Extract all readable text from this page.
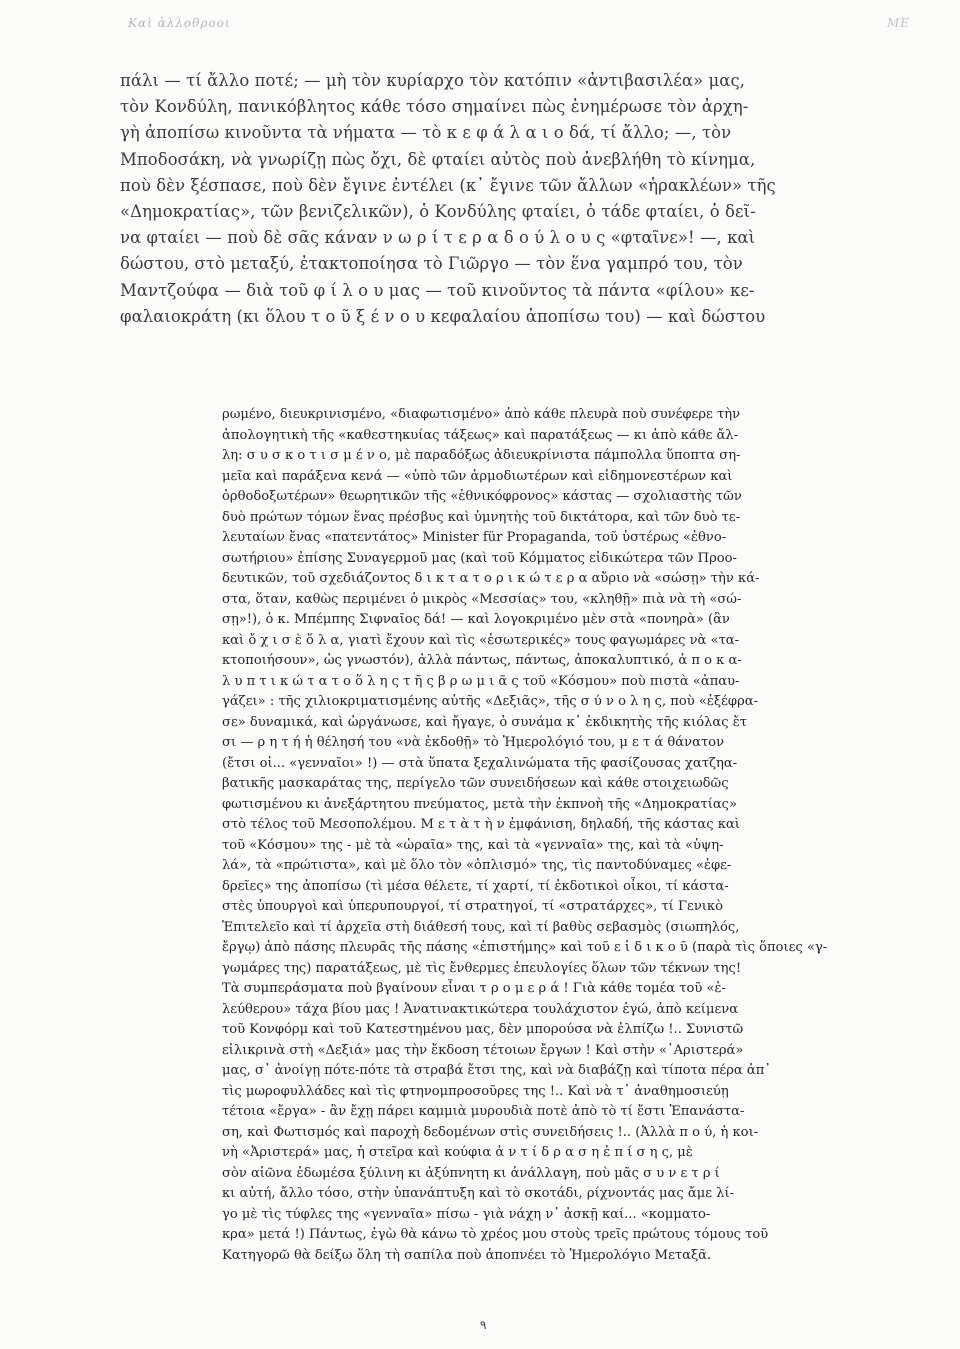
Καὶ ἀλλοθροοι	ΜΕ
πάλι — τί ἄλλο ποτέ; — μὴ τὸν κυρίαρχο τὸν κατόπιν «ἀντιβασιλέα» μας,
τὸν Κονδύλη, πανικόβλητος κάθε τόσο σημαίνει πὼς ἐνημέρωσε τὸν ἀρχη-
γὴ ἀποπίσω κινοῦντα τὰ νήματα — τὸ κ ε φ ά λ α ι ο δά, τί ἄλλο; —, τὸν
Μποδοσάκη, νὰ γνωρίζῃ πὼς ὄχι, δὲ φταίει αὐτὸς ποὺ ἀνεβλήθη τὸ κίνημα,
ποὺ δὲν ξέσπασε, ποὺ δὲν ἔγινε ἐντέλει (κ᾽ ἔγινε τῶν ἄλλων «ἡρακλέων» τῆς
«Δημοκρατίας», τῶν βενιζελικῶν), ὁ Κονδύλης φταίει, ὁ τάδε φταίει, ὁ δεῖ-
να φταίει — ποὺ δὲ σᾶς κάναν ν ω ρ ί τ ε ρ α δ ο ύ λ ο υ ς «φταῖνε»! —, καὶ
δώστου, στὸ μεταξύ, ἐτακτοποίησα τὸ Γιῶργο — τὸν ἕνα γαμπρό του, τὸν
Μαντζούφα — διὰ τοῦ φ ί λ ο υ μας — τοῦ κινοῦντος τὰ πάντα «φίλου» κε-
φαλαιοκράτη (κι ὅλου τ ο ῦ ξ έ ν ο υ κεφαλαίου ἀποπίσω του) — καὶ δώστου
ρωμένο, διευκρινισμένο, «διαφωτισμένο» ἀπὸ κάθε πλευρὰ ποὺ συνέφερε τὴν
ἀπολογητικὴ τῆς «καθεστηκυίας τάξεως» καὶ παρατάξεως — κι ἀπὸ κάθε ἄλ-
λη: σ υ σ κ ο τ ι σ μ έ ν ο, μὲ παραδόξως ἀδιευκρίνιστα πάμπολλα ὕποπτα ση-
μεῖα καὶ παράξενα κενά — «ὑπὸ τῶν ἁρμοδιωτέρων καὶ εἰδημονεστέρων καὶ
ὀρθοδοξωτέρων» θεωρητικῶν τῆς «ἐθνικόφρονος» κάστας — σχολιαστὴς τῶν
δυὸ πρώτων τόμων ἕνας πρέσβυς καὶ ὑμνητὴς τοῦ δικτάτορα, καὶ τῶν δυὸ τε-
λευταίων ἕνας «πατεντάτος» Minister für Propaganda, τοῦ ὑστέρως «ἐθνο-
σωτήριου» ἐπίσης Συναγερμοῦ μας (καὶ τοῦ Κόμματος εἰδικώτερα τῶν Προο-
δευτικῶν, τοῦ σχεδιάζοντος δ ι κ τ α τ ο ρ ι κ ώ τ ε ρ α αὔριο νὰ «σώσῃ» τὴν κά-
στα, ὅταν, καθὼς περιμένει ὁ μικρὸς «Μεσσίας» του, «κληθῇ» πιὰ νὰ τὴ «σώ-
σῃ»!), ὁ κ. Μπέμπης Σιφναῖος δά! — καὶ λογοκριμένο μὲν στὰ «πονηρὰ» (ἂν
καὶ ὄ χ ι σ ὲ ὅ λ α, γιατὶ ἔχουν καὶ τὶς «ἐσωτερικές» τους φαγωμάρες νὰ «τα-
κτοποιήσουν», ὡς γνωστόν), ἀλλὰ πάντως, πάντως, ἀποκαλυπτικό, ἀ π ο κ α-
λ υ π τ ι κ ώ τ α τ ο ὅ λ η ς τ ῆ ς β ρ ω μ ι ᾶ ς τοῦ «Κόσμου» ποὺ πιστὰ «ἀπαυ-
γάζει» : τῆς χιλιοκριματισμένης αὐτῆς «Δεξιᾶς», τῆς σ ύ ν ο λ η ς, ποὺ «ἐξέφρα-
σε» δυναμικά, καὶ ὠργάνωσε, καὶ ἤγαγε, ὁ συνάμα κ᾽ ἐκδικητὴς τῆς κιόλας ἔτ
σι — ρ η τ ή ἡ θέλησή του «νὰ ἐκδοθῇ» τὸ Ἡμερολόγιό του, μ ε τ ά θάνατον
(ἔτσι οἱ... «γενναῖοι» !) — στὰ ὕπατα ξεχαλινώματα τῆς φασίζουσας χατζηα-
βατικῆς μασκαράτας της, περίγελο τῶν συνειδήσεων καὶ κάθε στοιχειωδῶς
φωτισμένου κι ἀνεξάρτητου πνεύματος, μετὰ τὴν ἐκπνοὴ τῆς «Δημοκρατίας»
στὸ τέλος τοῦ Μεσοπολέμου. Μ ε τ ὰ τ ὴ ν ἐμφάνιση, δηλαδή, τῆς κάστας καὶ
τοῦ «Κόσμου» της - μὲ τὰ «ὡραῖα» της, καὶ τὰ «γενναῖα» της, καὶ τὰ «ὑψη-
λά», τὰ «πρώτιστα», καὶ μὲ ὅλο τὸν «ὁπλισμό» της, τὶς παντοδύναμες «ἐφε-
δρεῖες» της ἀποπίσω (τὶ μέσα θέλετε, τί χαρτί, τί ἐκδοτικοὶ οἶκοι, τί κάστα-
στὲς ὑπουργοὶ καὶ ὑπερυπουργοί, τί στρατηγοί, τί «στρατάρχες», τί Γενικὸ
Ἐπιτελεῖο καὶ τί ἀρχεῖα στὴ διάθεσή τους, καὶ τί βαθὺς σεβασμὸς (σιωπηλός,
ἔργῳ) ἀπὸ πάσης πλευρᾶς τῆς πάσης «ἐπιστήμης» καὶ τοῦ ε ἰ δ ι κ ο ῦ (παρὰ τὶς ὅποιες «γ-
γωμάρες της) παρατάξεως, μὲ τὶς ἔνθερμες ἐπευλογίες ὅλων τῶν τέκνων της!
Τὰ συμπεράσματα ποὺ βγαίνουν εἶναι τ ρ ο μ ε ρ ά ! Γιὰ κάθε τομέα τοῦ «ἐ-
λεύθερου» τάχα βίου μας ! Ἀνατινακτικώτερα τουλάχιστον ἐγώ, ἀπὸ κείμενα
τοῦ Κονφόρμ καὶ τοῦ Κατεστημένου μας, δὲν μπορούσα νὰ ἐλπίζω !.. Συνιστῶ
εἰλικρινὰ στὴ «Δεξιά» μας τὴν ἔκδοση τέτοιων ἔργων ! Καὶ στὴν «᾽Αριστερά»
μας, σ᾽ ἀνοίγῃ πότε-πότε τὰ στραβά ἔτσι της, καὶ νὰ διαβάζῃ καὶ τίποτα πέρα ἀπ᾽
τὶς μωροφυλλάδες καὶ τὶς φτηνομπροσοῦρες της !.. Καὶ νὰ τ᾽ ἀναθημοσιεύῃ
τέτοια «ἔργα» - ἂν ἔχῃ πάρει καμμιὰ μυρουδιὰ ποτὲ ἀπὸ τὸ τί ἔστι Ἐπανάστα-
ση, καὶ Φωτισμός καὶ παροχὴ δεδομένων στὶς συνειδήσεις !.. (Ἀλλὰ π ο ύ, ἡ κοι-
νὴ «Ἀριστερά» μας, ἡ στεῖρα καὶ κούφια ἀ ν τ ί δ ρ α σ η ἐ π ί σ η ς, μὲ
σὸν αἰῶνα ἐδωμέσα ξύλινη κι ἀξύπνητη κι ἀνάλλαγη, ποὺ μᾶς σ υ ν ε τ ρ ί
κι αὐτή, ἄλλο τόσο, στὴν ὑπανάπτυξη καὶ τὸ σκοτάδι, ρίχνοντάς μας ἄμε λί-
γο μὲ τὶς τύφλες της «γενναῖα» πίσω - γιὰ νάχη ν᾽ ἀσκῇ καί... «κομματο-
κρα» μετά !) Πάντως, ἐγὼ θὰ κάνω τὸ χρέος μου στοὺς τρεῖς πρώτους τόμους τοῦ
Κατηγορῶ θὰ δείξω ὅλη τὴ σαπίλα ποὺ ἀποπνέει τὸ Ἡμερολόγιο Μεταξᾶ.
٩
